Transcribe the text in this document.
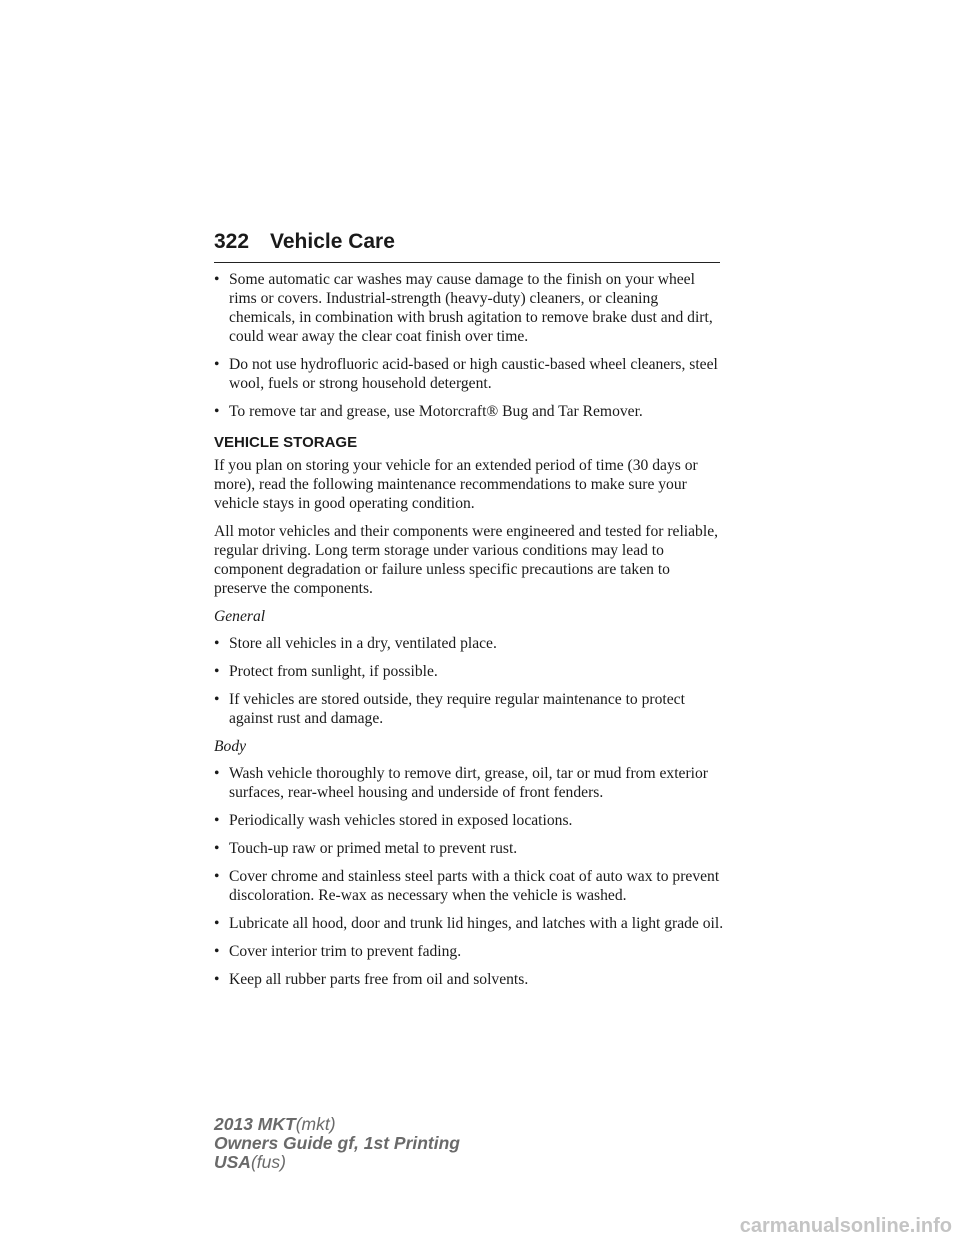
322 Vehicle Care
• Some automatic car washes may cause damage to the finish on your wheel rims or covers. Industrial-strength (heavy-duty) cleaners, or cleaning chemicals, in combination with brush agitation to remove brake dust and dirt, could wear away the clear coat finish over time.
• Do not use hydrofluoric acid-based or high caustic-based wheel cleaners, steel wool, fuels or strong household detergent.
• To remove tar and grease, use Motorcraft® Bug and Tar Remover.
VEHICLE STORAGE

If you plan on storing your vehicle for an extended period of time (30 days or more), read the following maintenance recommendations to make sure your vehicle stays in good operating condition.

All motor vehicles and their components were engineered and tested for reliable, regular driving. Long term storage under various conditions may lead to component degradation or failure unless specific precautions are taken to preserve the components.

General
• Store all vehicles in a dry, ventilated place.
• Protect from sunlight, if possible.
• If vehicles are stored outside, they require regular maintenance to protect against rust and damage.
Body
• Wash vehicle thoroughly to remove dirt, grease, oil, tar or mud from exterior surfaces, rear-wheel housing and underside of front fenders.
• Periodically wash vehicles stored in exposed locations.
• Touch-up raw or primed metal to prevent rust.
• Cover chrome and stainless steel parts with a thick coat of auto wax to prevent discoloration. Re-wax as necessary when the vehicle is washed.
• Lubricate all hood, door and trunk lid hinges, and latches with a light grade oil.
• Cover interior trim to prevent fading.
• Keep all rubber parts free from oil and solvents.
2013 MKT(mkt)
Owners Guide gf, 1st Printing
USA(fus)
carmanualsonline.info
